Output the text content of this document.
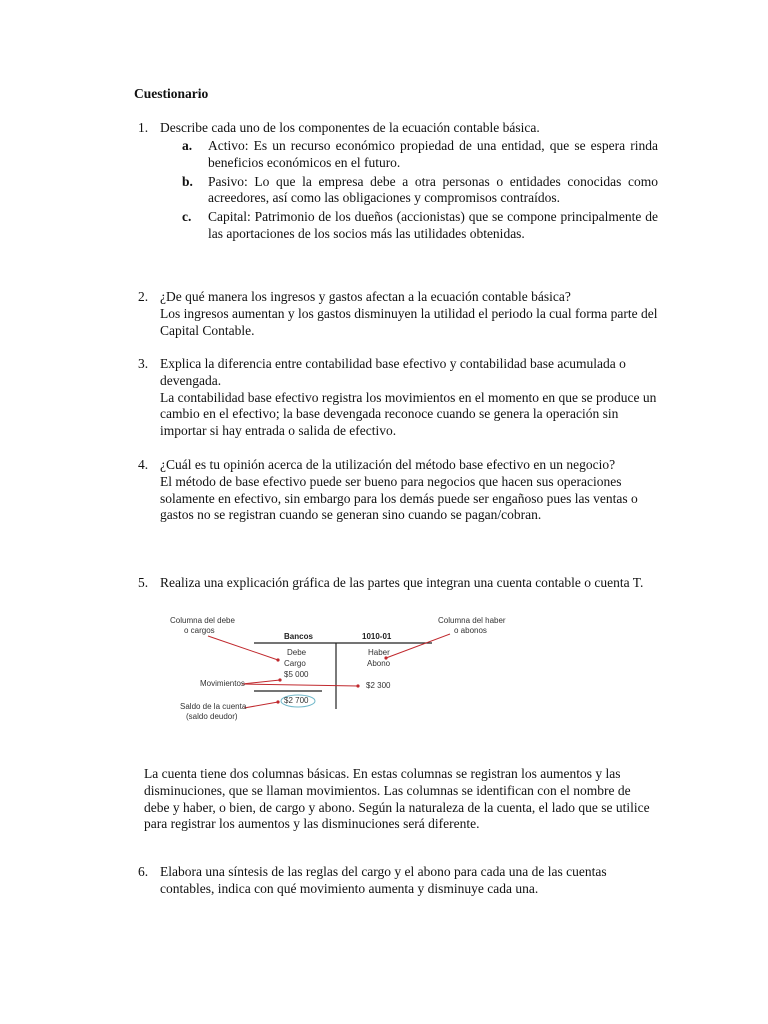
Cuestionario
1. Describe cada uno de los componentes de la ecuación contable básica.
a. Activo: Es un recurso económico propiedad de una entidad, que se espera rinda beneficios económicos en el futuro.
b. Pasivo: Lo que la empresa debe a otra personas o entidades conocidas como acreedores, así como las obligaciones y compromisos contraídos.
c. Capital: Patrimonio de los dueños (accionistas) que se compone principalmente de las aportaciones de los socios más las utilidades obtenidas.
2. ¿De qué manera los ingresos y gastos afectan a la ecuación contable básica?
Los ingresos aumentan y los gastos disminuyen la utilidad el periodo la cual forma parte del Capital Contable.
3. Explica la diferencia entre contabilidad base efectivo y contabilidad base acumulada o devengada.
La contabilidad base efectivo registra los movimientos en el momento en que se produce un cambio en el efectivo; la base devengada reconoce cuando se genera la operación sin importar si hay entrada o salida de efectivo.
4. ¿Cuál es tu opinión acerca de la utilización del método base efectivo en un negocio?
El método de base efectivo puede ser bueno para negocios que hacen sus operaciones solamente en efectivo, sin embargo para los demás puede ser engañoso pues las ventas o gastos no se registran cuando se generan sino cuando se pagan/cobran.
5. Realiza una explicación gráfica de las partes que integran una cuenta contable o cuenta T.
Columna del debe
o cargos
Columna del haber
o abonos
Bancos	1010-01
Debe
Cargo
Haber
Abono
$5 000
$2 300
Movimientos
$2 700
Saldo de la cuenta
(saldo deudor)
La cuenta tiene dos columnas básicas. En estas columnas se registran los aumentos y las disminuciones, que se llaman movimientos. Las columnas se identifican con el nombre de debe y haber, o bien, de cargo y abono. Según la naturaleza de la cuenta, el lado que se utilice para registrar los aumentos y las disminuciones será diferente.
6. Elabora una síntesis de las reglas del cargo y el abono para cada una de las cuentas contables, indica con qué movimiento aumenta y disminuye cada una.
